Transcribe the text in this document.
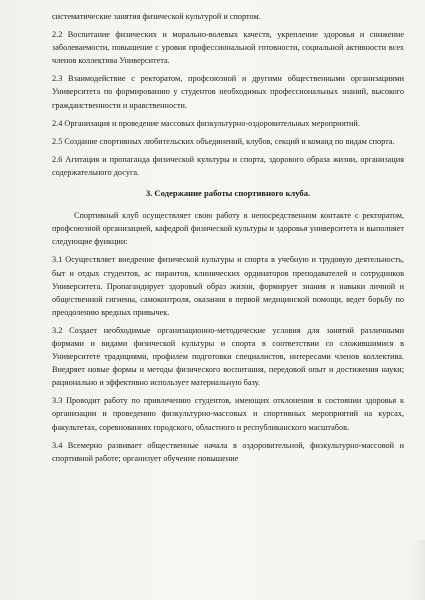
систематические занятия физической культурой и спортом.

2.2 Воспитание физических и морально-волевых качеств, укрепление здоровья и снижение заболеваемости, повышение с уровня профессиональной готовности, социальной активности всех членов коллектива Университета.

2.3 Взаимодействие с ректоратом, профсоюзной и другими общественными организациями Университета по формированию у студентов необходимых профессиональных знаний, высокого гражданственности и нравственности.

2.4 Организация и проведение массовых физкультурно-оздоровительных мероприятий.

2.5 Создание спортивных любительских объединений, клубов, секций и команд по видам спорта.

2.6 Агитация и пропаганда физической культуры и спорта, здорового образа жизни, организация содержательного досуга.

3. Содержание работы спортивного клуба.

Спортивный клуб осуществляет свою работу в непосредственном контакте с ректоратом, профсоюзной организацией, кафедрой физической культуры и здоровья университета и выполняет следующие функции:

3.1 Осуществляет внедрение физической культуры и спорта в учебную и трудовую деятельность, быт и отдых студентов, ас пирантов, клинических ординаторов преподавателей и сотрудников Университета. Пропагандирует здоровый образ жизни, формирует знания и навыки личной и общественной гигиены, самоконтроля, оказания я первой медицинской помощи, ведет борьбу по преодолению вредных привычек.

3.2 Создает необходимые организационно-методические условия для занятий различными формами и видами физической культуры и спорта в соответствии со сложившимися в Университете традициями, профилем подготовки специалистов, интересами членов коллектива. Внедряет новые формы и методы физического воспитания, передовой опыт и достижения науки; рационально и эффективно использует материальную базу.

3.3 Проводит работу по привлечению студентов, имеющих отклонения в состоянии здоровья к организации и проведению физкультурно-массовых и спортивных мероприятий на курсах, факультетах, соревнованиях городского, областного и республиканского масштабов.

3.4 Всемерно развивает общественные начала в оздоровительной, физкультурно-массовой и спортивной работе; организует обучение повышение
